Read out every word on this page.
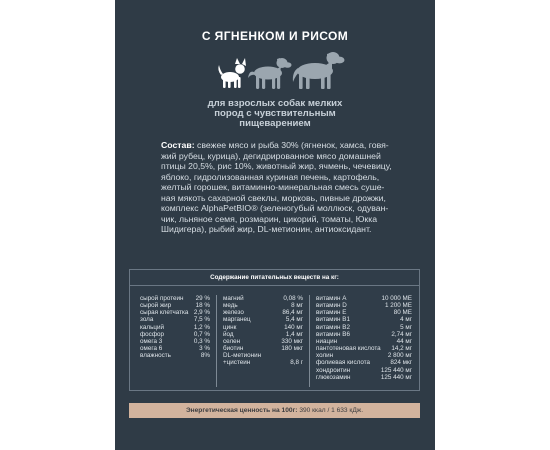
С ЯГНЕНКОМ И РИСОМ
для взрослых собак мелких
пород с чувствительным
пищеварением
Состав: свежее мясо и рыба 30% (ягненок, хамса, говя-
жий рубец, курица), дегидрированное мясо домашней
птицы 20,5%, рис 10%, животный жир, ячмень, чечевицу,
яблоко, гидролизованная куриная печень, картофель,
желтый горошек, витаминно-минеральная смесь суше-
ная мякоть сахарной свеклы, морковь, пивные дрожжи,
комплекс AlphaPetBIO® (зеленогубый моллюск, одуван-
чик, льняное семя, розмарин, цикорий, томаты, Юкка
Шидигера), рыбий жир, DL-метионин, антиоксидант.
Содержание питательных веществ на кг:
сырой протеин 29 %
сырой жир	18 %
сырая клетчатка 2,9 %
зола	7,5 %
кальций	1,2 %
фосфор	0,7 %
омега 3	0,3 %
омега 6	3 %
влажность	8%
магний	0,08 %
медь	8 мг
железо	86,4 мг
марганец	5,4 мг
цинк	140 мг
йод	1,4 мг
селен	330 мкг
биотин	180 мкг
DL-метионин +цистеин	8,8 г
витамин А	10 000 МЕ
витамин D	1 200 МЕ
витамин Е	80 МЕ
витамин В1	4 мг
витамин В2	5 мг
витамин В6	2,74 мг
ниацин	44 мг
пантотеновая кислота 14,2 мг
холин	2 800 мг
фолиевая кислота	824 мкг
хондроитин	125 440 мг
глюкозамин	125 440 мг
Энергетическая ценность на 100г: 390 ккал / 1 633 кДж.
